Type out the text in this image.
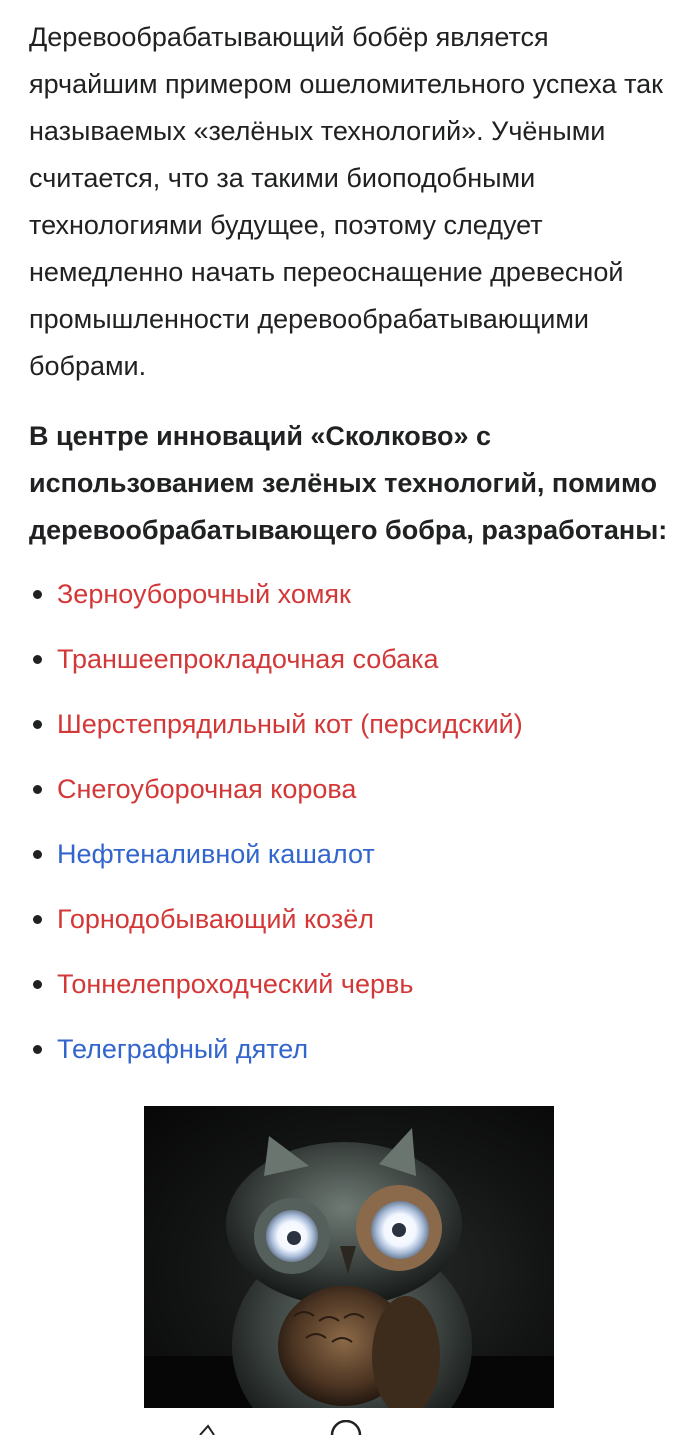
Деревообрабатывающий бобёр является ярчайшим примером ошеломительного успеха так называемых «зелёных технологий». Учёными считается, что за такими биоподобными технологиями будущее, поэтому следует немедленно начать переоснащение древесной промышленности деревообрабатывающими бобрами.

В центре инноваций «Сколково» с использованием зелёных технологий, помимо деревообрабатывающего бобра, разработаны:

Зерноуборочный хомяк
Траншеепрокладочная собака
Шерстепрядильный кот (персидский)
Снегоуборочная корова
Нефтеналивной кашалот
Горнодобывающий козёл
Тоннелепроходческий червь
Телеграфный дятел
